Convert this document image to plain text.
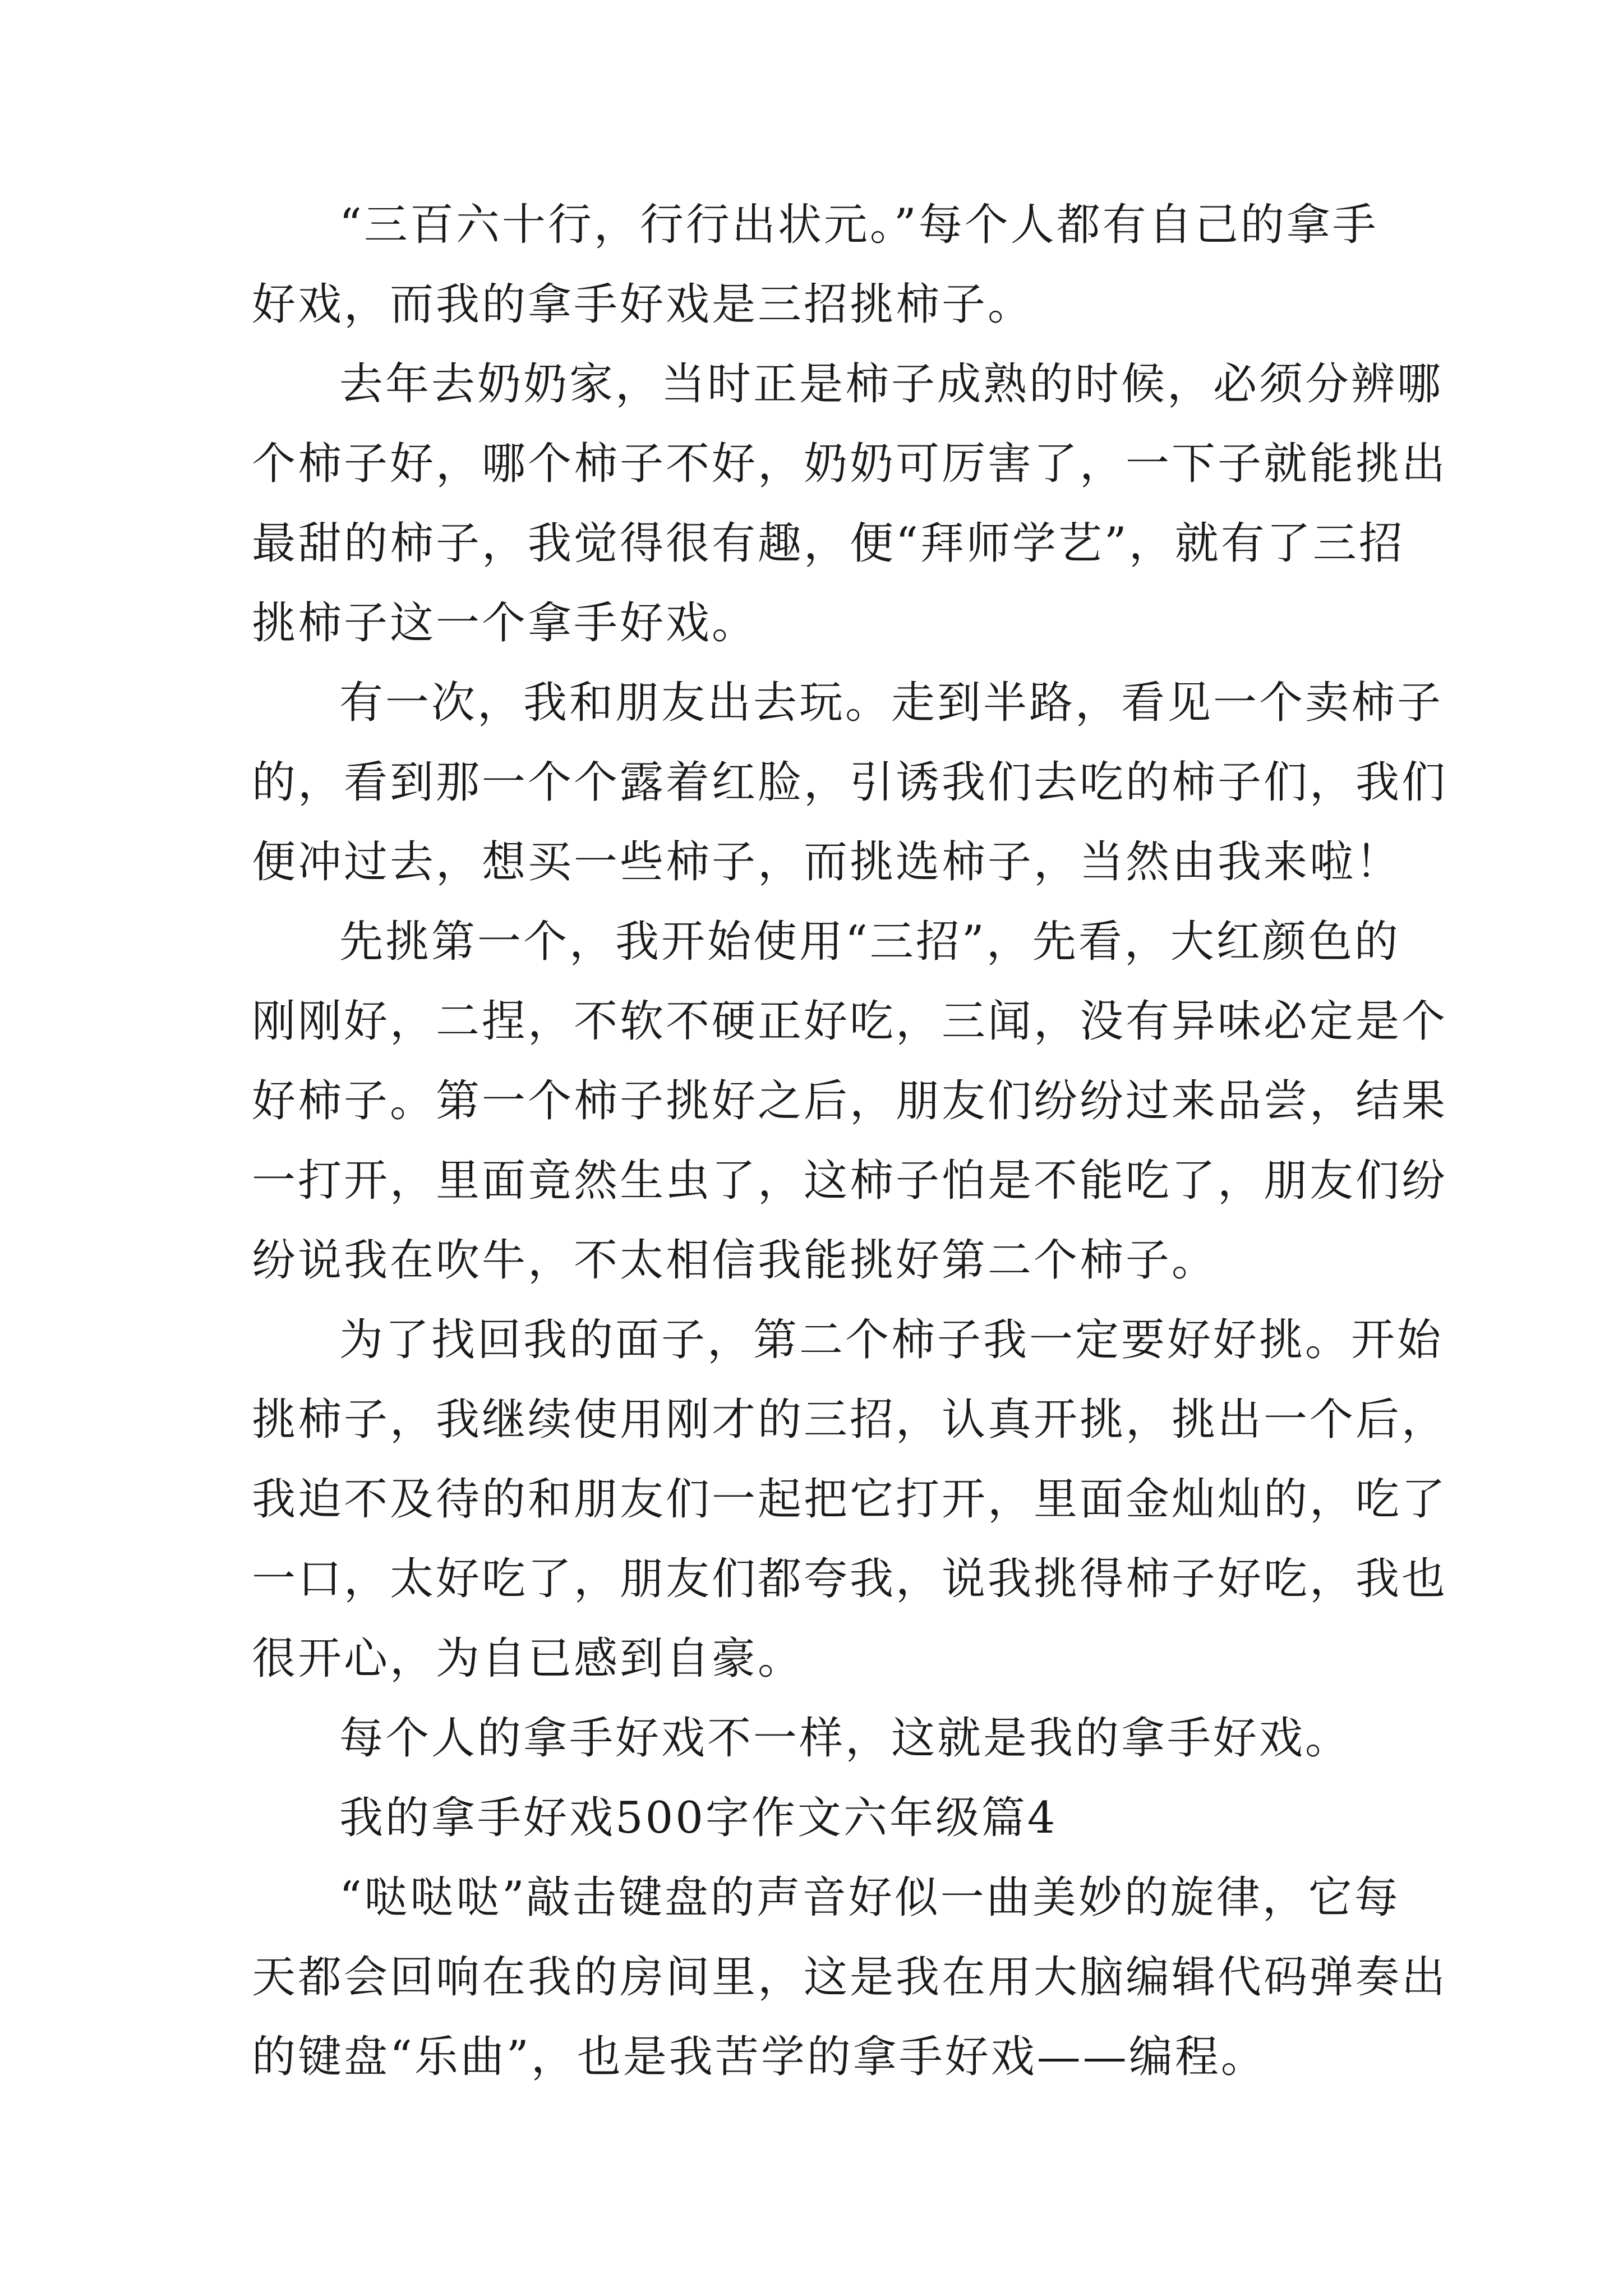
“三百六十行，行行出状元。”每个人都有自己的拿手
好戏，而我的拿手好戏是三招挑柿子。
去年去奶奶家，当时正是柿子成熟的时候，必须分辨哪
个柿子好，哪个柿子不好，奶奶可厉害了，一下子就能挑出
最甜的柿子，我觉得很有趣，便“拜师学艺”，就有了三招
挑柿子这一个拿手好戏。
有一次，我和朋友出去玩。走到半路，看见一个卖柿子
的，看到那一个个露着红脸，引诱我们去吃的柿子们，我们
便冲过去，想买一些柿子，而挑选柿子，当然由我来啦！
先挑第一个，我开始使用“三招”，先看，大红颜色的
刚刚好，二捏，不软不硬正好吃，三闻，没有异味必定是个
好柿子。第一个柿子挑好之后，朋友们纷纷过来品尝，结果
一打开，里面竟然生虫了，这柿子怕是不能吃了，朋友们纷
纷说我在吹牛，不太相信我能挑好第二个柿子。
为了找回我的面子，第二个柿子我一定要好好挑。开始
挑柿子，我继续使用刚才的三招，认真开挑，挑出一个后，
我迫不及待的和朋友们一起把它打开，里面金灿灿的，吃了
一口，太好吃了，朋友们都夸我，说我挑得柿子好吃，我也
很开心，为自已感到自豪。
每个人的拿手好戏不一样，这就是我的拿手好戏。
我的拿手好戏500字作文六年级篇4
“哒哒哒”敲击键盘的声音好似一曲美妙的旋律，它每
天都会回响在我的房间里，这是我在用大脑编辑代码弹奏出
的键盘“乐曲”，也是我苦学的拿手好戏——编程。
